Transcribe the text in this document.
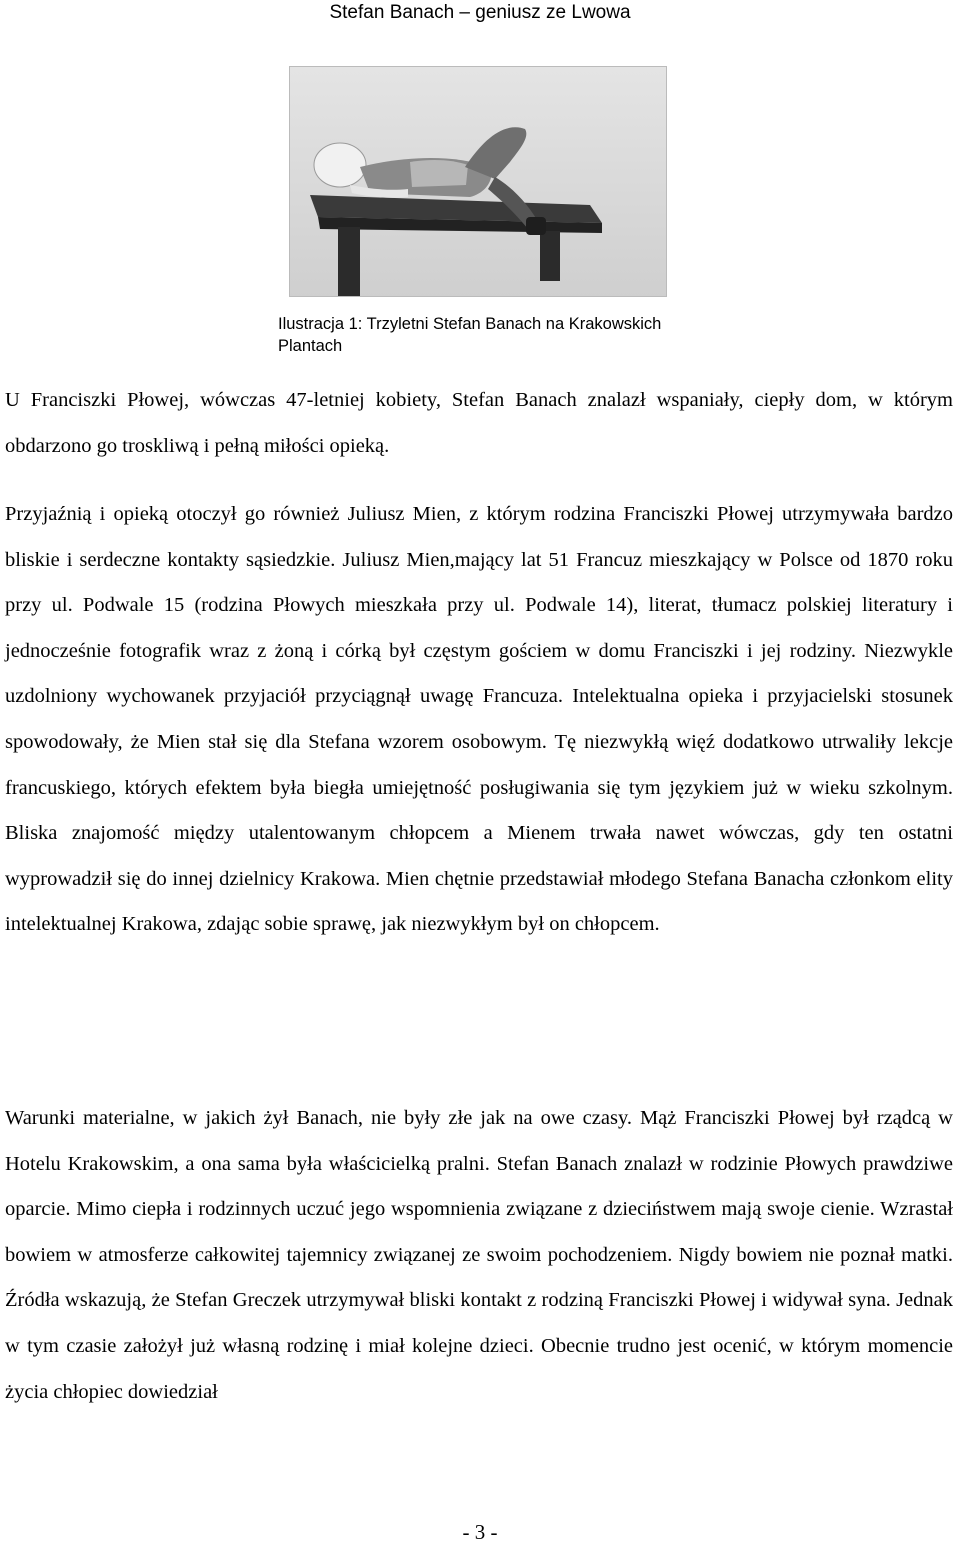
Stefan Banach – geniusz ze Lwowa
Ilustracja 1: Trzyletni Stefan Banach na Krakowskich Plantach

U Franciszki Płowej, wówczas 47-letniej kobiety, Stefan Banach znalazł wspaniały, ciepły dom, w którym obdarzono go troskliwą i pełną miłości opieką.

Przyjaźnią i opieką otoczył go również Juliusz Mien, z którym rodzina Franciszki Płowej utrzymywała bardzo bliskie i serdeczne kontakty sąsiedzkie. Juliusz Mien,mający lat 51 Francuz mieszkający w Polsce od 1870 roku przy ul. Podwale 15 (rodzina Płowych mieszkała przy ul. Podwale 14), literat, tłumacz polskiej literatury i jednocześnie fotografik wraz z żoną i córką był częstym gościem w domu Franciszki i jej rodziny. Niezwykle uzdolniony wychowanek przyjaciół przyciągnął uwagę Francuza. Intelektualna opieka i przyjacielski stosunek spowodowały, że Mien stał się dla Stefana wzorem osobowym. Tę niezwykłą więź dodatkowo utrwaliły lekcje francuskiego, których efektem była biegła umiejętność posługiwania się tym językiem już w wieku szkolnym. Bliska znajomość między utalentowanym chłopcem a Mienem trwała nawet wówczas, gdy ten ostatni wyprowadził się do innej dzielnicy Krakowa. Mien chętnie przedstawiał młodego Stefana Banacha członkom elity intelektualnej Krakowa, zdając sobie sprawę, jak niezwykłym był on chłopcem.

Warunki materialne, w jakich żył Banach, nie były złe jak na owe czasy. Mąż Franciszki Płowej był rządcą w Hotelu Krakowskim, a ona sama była właścicielką pralni. Stefan Banach znalazł w rodzinie Płowych prawdziwe oparcie. Mimo ciepła i rodzinnych uczuć jego wspomnienia związane z dzieciństwem mają swoje cienie. Wzrastał bowiem w atmosferze całkowitej tajemnicy związanej ze swoim pochodzeniem. Nigdy bowiem nie poznał matki. Źródła wskazują, że Stefan Greczek utrzymywał bliski kontakt z rodziną Franciszki Płowej i widywał syna. Jednak w tym czasie założył już własną rodzinę i miał kolejne dzieci. Obecnie trudno jest ocenić, w którym momencie życia chłopiec dowiedział

- 3 -
